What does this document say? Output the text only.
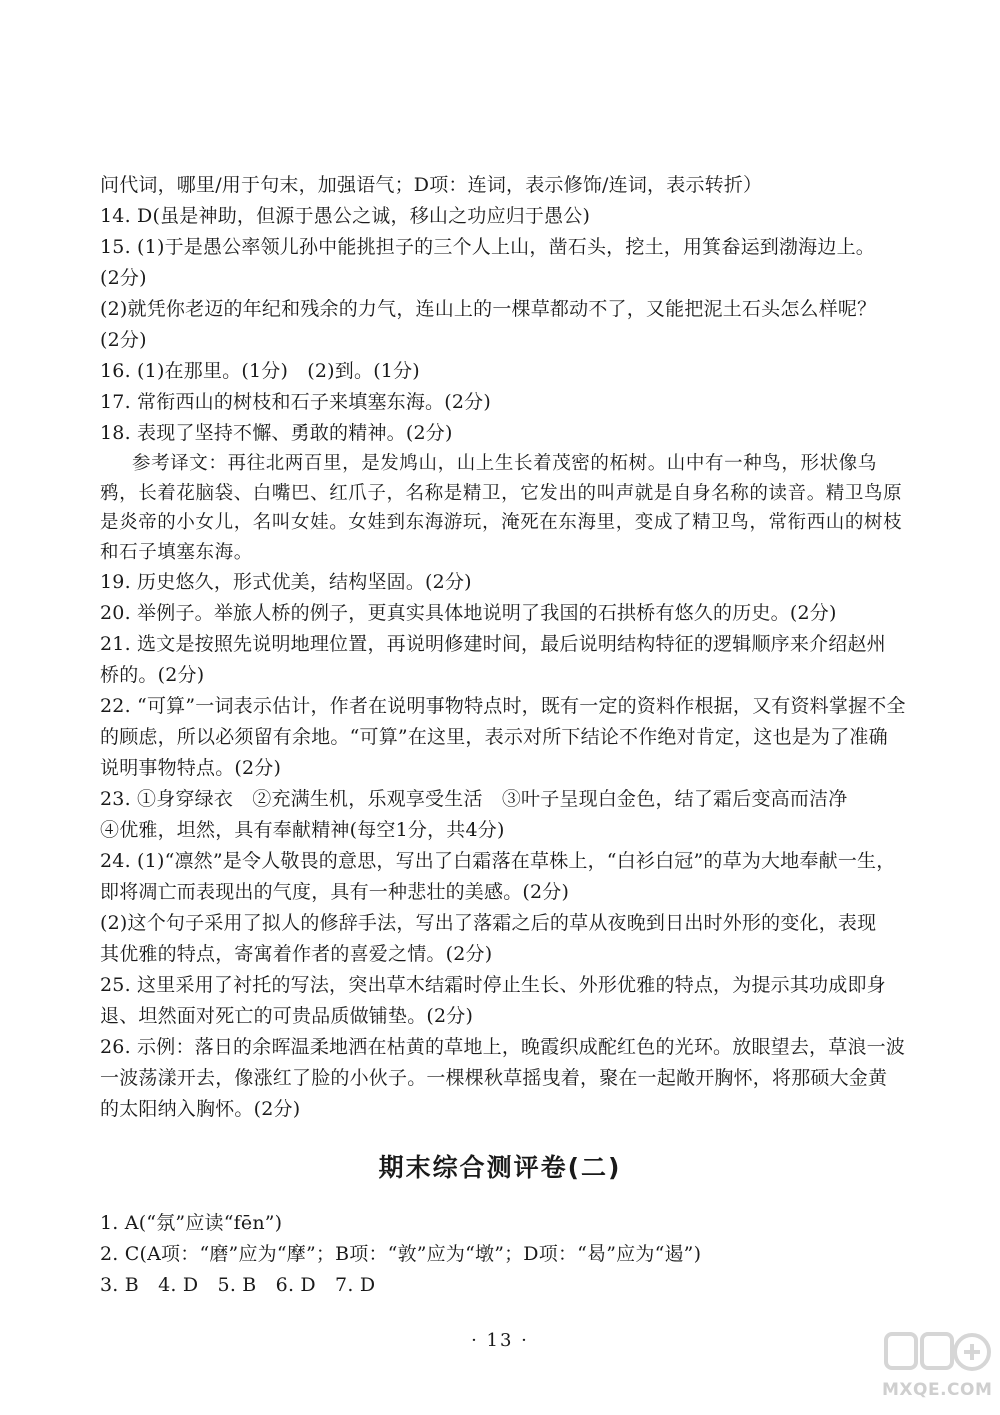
问代词，哪里/用于句末，加强语气；D项：连词，表示修饰/连词，表示转折）
14. D(虽是神助，但源于愚公之诚，移山之功应归于愚公)
15. (1)于是愚公率领儿孙中能挑担子的三个人上山，凿石头，挖土，用箕畚运到渤海边上。
(2分)
(2)就凭你老迈的年纪和残余的力气，连山上的一棵草都动不了，又能把泥土石头怎么样呢？
(2分)
16. (1)在那里。(1分)　(2)到。(1分)
17. 常衔西山的树枝和石子来填塞东海。(2分)
18. 表现了坚持不懈、勇敢的精神。(2分)
参考译文：再往北两百里，是发鸠山，山上生长着茂密的柘树。山中有一种鸟，形状像乌
鸦，长着花脑袋、白嘴巴、红爪子，名称是精卫，它发出的叫声就是自身名称的读音。精卫鸟原
是炎帝的小女儿，名叫女娃。女娃到东海游玩，淹死在东海里，变成了精卫鸟，常衔西山的树枝
和石子填塞东海。
19. 历史悠久，形式优美，结构坚固。(2分)
20. 举例子。举旅人桥的例子，更真实具体地说明了我国的石拱桥有悠久的历史。(2分)
21. 选文是按照先说明地理位置，再说明修建时间，最后说明结构特征的逻辑顺序来介绍赵州
桥的。(2分)
22. “可算”一词表示估计，作者在说明事物特点时，既有一定的资料作根据，又有资料掌握不全
的顾虑，所以必须留有余地。“可算”在这里，表示对所下结论不作绝对肯定，这也是为了准确
说明事物特点。(2分)
23. ①身穿绿衣　②充满生机，乐观享受生活　③叶子呈现白金色，结了霜后变高而洁净
④优雅，坦然，具有奉献精神(每空1分，共4分)
24. (1)“凛然”是令人敬畏的意思，写出了白霜落在草株上，“白衫白冠”的草为大地奉献一生，
即将凋亡而表现出的气度，具有一种悲壮的美感。(2分)
(2)这个句子采用了拟人的修辞手法，写出了落霜之后的草从夜晚到日出时外形的变化，表现
其优雅的特点，寄寓着作者的喜爱之情。(2分)
25. 这里采用了衬托的写法，突出草木结霜时停止生长、外形优雅的特点，为提示其功成即身
退、坦然面对死亡的可贵品质做铺垫。(2分)
26. 示例：落日的余晖温柔地洒在枯黄的草地上，晚霞织成酡红色的光环。放眼望去，草浪一波
一波荡漾开去，像涨红了脸的小伙子。一棵棵秋草摇曳着，聚在一起敞开胸怀，将那硕大金黄
的太阳纳入胸怀。(2分)
期末综合测评卷(二)
1. A(“氛”应读“fēn”)
2. C(A项：“磨”应为“摩”；B项：“敦”应为“墩”；D项：“曷”应为“遏”)
3. B　4. D　5. B　6. D　7. D
· 13 ·
MXQE.COM
